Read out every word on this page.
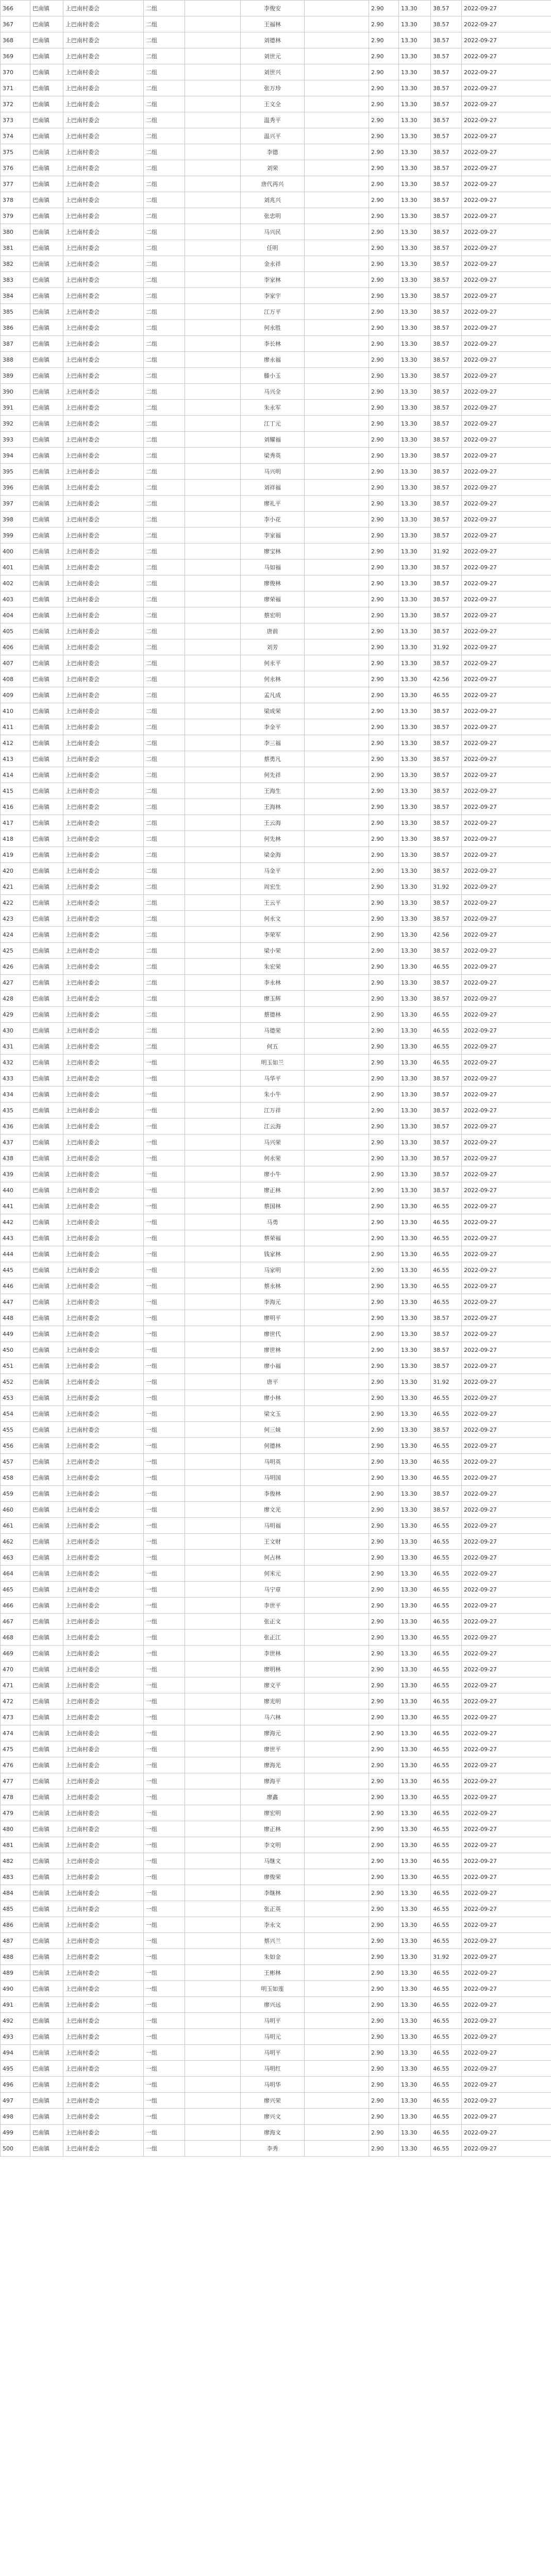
366	巴南镇	上巴南村委会	二组		李俊安		2.90	13.30	38.57	2022-09-27
367	巴南镇	上巴南村委会	二组		王福林		2.90	13.30	38.57	2022-09-27
368	巴南镇	上巴南村委会	二组		刘德林		2.90	13.30	38.57	2022-09-27
369	巴南镇	上巴南村委会	二组		刘世元		2.90	13.30	38.57	2022-09-27
370	巴南镇	上巴南村委会	二组		刘世兴		2.90	13.30	38.57	2022-09-27
371	巴南镇	上巴南村委会	二组		张万珍		2.90	13.30	38.57	2022-09-27
372	巴南镇	上巴南村委会	二组		王文全		2.90	13.30	38.57	2022-09-27
373	巴南镇	上巴南村委会	二组		温秀平		2.90	13.30	38.57	2022-09-27
374	巴南镇	上巴南村委会	二组		温兴平		2.90	13.30	38.57	2022-09-27
375	巴南镇	上巴南村委会	二组		李德		2.90	13.30	38.57	2022-09-27
376	巴南镇	上巴南村委会	二组		刘荣		2.90	13.30	38.57	2022-09-27
377	巴南镇	上巴南村委会	二组		唐代再兴		2.90	13.30	38.57	2022-09-27
378	巴南镇	上巴南村委会	二组		刘兆兴		2.90	13.30	38.57	2022-09-27
379	巴南镇	上巴南村委会	二组		张忠明		2.90	13.30	38.57	2022-09-27
380	巴南镇	上巴南村委会	二组		马兴民		2.90	13.30	38.57	2022-09-27
381	巴南镇	上巴南村委会	二组		任明		2.90	13.30	38.57	2022-09-27
382	巴南镇	上巴南村委会	二组		金永祥		2.90	13.30	38.57	2022-09-27
383	巴南镇	上巴南村委会	二组		李家林		2.90	13.30	38.57	2022-09-27
384	巴南镇	上巴南村委会	二组		李家宇		2.90	13.30	38.57	2022-09-27
385	巴南镇	上巴南村委会	二组		江万平		2.90	13.30	38.57	2022-09-27
386	巴南镇	上巴南村委会	二组		何永胜		2.90	13.30	38.57	2022-09-27
387	巴南镇	上巴南村委会	二组		李长林		2.90	13.30	38.57	2022-09-27
388	巴南镇	上巴南村委会	二组		廖永福		2.90	13.30	38.57	2022-09-27
389	巴南镇	上巴南村委会	二组		滕小玉		2.90	13.30	38.57	2022-09-27
390	巴南镇	上巴南村委会	二组		马兴全		2.90	13.30	38.57	2022-09-27
391	巴南镇	上巴南村委会	二组		朱永军		2.90	13.30	38.57	2022-09-27
392	巴南镇	上巴南村委会	二组		江丁元		2.90	13.30	38.57	2022-09-27
393	巴南镇	上巴南村委会	二组		刘耀福		2.90	13.30	38.57	2022-09-27
394	巴南镇	上巴南村委会	二组		梁秀英		2.90	13.30	38.57	2022-09-27
395	巴南镇	上巴南村委会	二组		马兴明		2.90	13.30	38.57	2022-09-27
396	巴南镇	上巴南村委会	二组		刘祥福		2.90	13.30	38.57	2022-09-27
397	巴南镇	上巴南村委会	二组		廖礼平		2.90	13.30	38.57	2022-09-27
398	巴南镇	上巴南村委会	二组		李小花		2.90	13.30	38.57	2022-09-27
399	巴南镇	上巴南村委会	二组		李家福		2.90	13.30	38.57	2022-09-27
400	巴南镇	上巴南村委会	二组		廖宝林		2.90	13.30	31.92	2022-09-27
401	巴南镇	上巴南村委会	二组		马如福		2.90	13.30	38.57	2022-09-27
402	巴南镇	上巴南村委会	二组		廖俊林		2.90	13.30	38.57	2022-09-27
403	巴南镇	上巴南村委会	二组		廖荣福		2.90	13.30	38.57	2022-09-27
404	巴南镇	上巴南村委会	二组		蔡宏明		2.90	13.30	38.57	2022-09-27
405	巴南镇	上巴南村委会	二组		唐前		2.90	13.30	38.57	2022-09-27
406	巴南镇	上巴南村委会	二组		刘芳		2.90	13.30	31.92	2022-09-27
407	巴南镇	上巴南村委会	二组		何永平		2.90	13.30	38.57	2022-09-27
408	巴南镇	上巴南村委会	二组		何永林		2.90	13.30	42.56	2022-09-27
409	巴南镇	上巴南村委会	二组		孟凡成		2.90	13.30	46.55	2022-09-27
410	巴南镇	上巴南村委会	二组		梁成荣		2.90	13.30	38.57	2022-09-27
411	巴南镇	上巴南村委会	二组		李金平		2.90	13.30	38.57	2022-09-27
412	巴南镇	上巴南村委会	二组		李三福		2.90	13.30	38.57	2022-09-27
413	巴南镇	上巴南村委会	二组		蔡勇凡		2.90	13.30	38.57	2022-09-27
414	巴南镇	上巴南村委会	二组		何先祥		2.90	13.30	38.57	2022-09-27
415	巴南镇	上巴南村委会	二组		王海生		2.90	13.30	38.57	2022-09-27
416	巴南镇	上巴南村委会	二组		王海林		2.90	13.30	38.57	2022-09-27
417	巴南镇	上巴南村委会	二组		王云海		2.90	13.30	38.57	2022-09-27
418	巴南镇	上巴南村委会	二组		何先林		2.90	13.30	38.57	2022-09-27
419	巴南镇	上巴南村委会	二组		梁金海		2.90	13.30	38.57	2022-09-27
420	巴南镇	上巴南村委会	二组		马金平		2.90	13.30	38.57	2022-09-27
421	巴南镇	上巴南村委会	二组		周宏生		2.90	13.30	31.92	2022-09-27
422	巴南镇	上巴南村委会	二组		王云平		2.90	13.30	38.57	2022-09-27
423	巴南镇	上巴南村委会	二组		何永文		2.90	13.30	38.57	2022-09-27
424	巴南镇	上巴南村委会	二组		李荣军		2.90	13.30	42.56	2022-09-27
425	巴南镇	上巴南村委会	二组		梁小荣		2.90	13.30	38.57	2022-09-27
426	巴南镇	上巴南村委会	二组		朱宏荣		2.90	13.30	46.55	2022-09-27
427	巴南镇	上巴南村委会	二组		李永林		2.90	13.30	38.57	2022-09-27
428	巴南镇	上巴南村委会	二组		廖玉辉		2.90	13.30	38.57	2022-09-27
429	巴南镇	上巴南村委会	二组		蔡德林		2.90	13.30	46.55	2022-09-27
430	巴南镇	上巴南村委会	二组		马德荣		2.90	13.30	46.55	2022-09-27
431	巴南镇	上巴南村委会	二组		何五		2.90	13.30	46.55	2022-09-27
432	巴南镇	上巴南村委会	一组		明玉如兰		2.90	13.30	46.55	2022-09-27
433	巴南镇	上巴南村委会	一组		马华平		2.90	13.30	38.57	2022-09-27
434	巴南镇	上巴南村委会	一组		朱小牛		2.90	13.30	38.57	2022-09-27
435	巴南镇	上巴南村委会	一组		江万祥		2.90	13.30	38.57	2022-09-27
436	巴南镇	上巴南村委会	一组		江云海		2.90	13.30	38.57	2022-09-27
437	巴南镇	上巴南村委会	一组		马兴荣		2.90	13.30	38.57	2022-09-27
438	巴南镇	上巴南村委会	一组		何永荣		2.90	13.30	38.57	2022-09-27
439	巴南镇	上巴南村委会	一组		廖小牛		2.90	13.30	38.57	2022-09-27
440	巴南镇	上巴南村委会	一组		廖正林		2.90	13.30	38.57	2022-09-27
441	巴南镇	上巴南村委会	一组		蔡国林		2.90	13.30	46.55	2022-09-27
442	巴南镇	上巴南村委会	一组		马勇		2.90	13.30	46.55	2022-09-27
443	巴南镇	上巴南村委会	一组		蔡荣福		2.90	13.30	46.55	2022-09-27
444	巴南镇	上巴南村委会	一组		钱家林		2.90	13.30	46.55	2022-09-27
445	巴南镇	上巴南村委会	一组		马家明		2.90	13.30	46.55	2022-09-27
446	巴南镇	上巴南村委会	一组		蔡永林		2.90	13.30	46.55	2022-09-27
447	巴南镇	上巴南村委会	一组		李海元		2.90	13.30	46.55	2022-09-27
448	巴南镇	上巴南村委会	一组		廖明平		2.90	13.30	38.57	2022-09-27
449	巴南镇	上巴南村委会	一组		廖世代		2.90	13.30	38.57	2022-09-27
450	巴南镇	上巴南村委会	一组		廖世林		2.90	13.30	38.57	2022-09-27
451	巴南镇	上巴南村委会	一组		廖小福		2.90	13.30	38.57	2022-09-27
452	巴南镇	上巴南村委会	一组		唐平		2.90	13.30	31.92	2022-09-27
453	巴南镇	上巴南村委会	一组		廖小林		2.90	13.30	46.55	2022-09-27
454	巴南镇	上巴南村委会	一组		梁文玉		2.90	13.30	46.55	2022-09-27
455	巴南镇	上巴南村委会	一组		何三妹		2.90	13.30	38.57	2022-09-27
456	巴南镇	上巴南村委会	一组		何德林		2.90	13.30	46.55	2022-09-27
457	巴南镇	上巴南村委会	一组		马明英		2.90	13.30	46.55	2022-09-27
458	巴南镇	上巴南村委会	一组		马明国		2.90	13.30	46.55	2022-09-27
459	巴南镇	上巴南村委会	一组		李俊林		2.90	13.30	38.57	2022-09-27
460	巴南镇	上巴南村委会	一组		廖文光		2.90	13.30	38.57	2022-09-27
461	巴南镇	上巴南村委会	一组		马明福		2.90	13.30	46.55	2022-09-27
462	巴南镇	上巴南村委会	一组		王文财		2.90	13.30	46.55	2022-09-27
463	巴南镇	上巴南村委会	一组		何占林		2.90	13.30	46.55	2022-09-27
464	巴南镇	上巴南村委会	一组		何米元		2.90	13.30	46.55	2022-09-27
465	巴南镇	上巴南村委会	一组		马宁章		2.90	13.30	46.55	2022-09-27
466	巴南镇	上巴南村委会	一组		李世平		2.90	13.30	46.55	2022-09-27
467	巴南镇	上巴南村委会	一组		张正文		2.90	13.30	46.55	2022-09-27
468	巴南镇	上巴南村委会	一组		张正江		2.90	13.30	46.55	2022-09-27
469	巴南镇	上巴南村委会	一组		李世林		2.90	13.30	46.55	2022-09-27
470	巴南镇	上巴南村委会	一组		廖明林		2.90	13.30	46.55	2022-09-27
471	巴南镇	上巴南村委会	一组		廖文平		2.90	13.30	46.55	2022-09-27
472	巴南镇	上巴南村委会	一组		廖光明		2.90	13.30	46.55	2022-09-27
473	巴南镇	上巴南村委会	一组		马六林		2.90	13.30	46.55	2022-09-27
474	巴南镇	上巴南村委会	一组		廖海元		2.90	13.30	46.55	2022-09-27
475	巴南镇	上巴南村委会	一组		廖世平		2.90	13.30	46.55	2022-09-27
476	巴南镇	上巴南村委会	一组		廖海光		2.90	13.30	46.55	2022-09-27
477	巴南镇	上巴南村委会	一组		廖海平		2.90	13.30	46.55	2022-09-27
478	巴南镇	上巴南村委会	一组		廖鑫		2.90	13.30	46.55	2022-09-27
479	巴南镇	上巴南村委会	一组		廖宏明		2.90	13.30	46.55	2022-09-27
480	巴南镇	上巴南村委会	一组		廖正林		2.90	13.30	46.55	2022-09-27
481	巴南镇	上巴南村委会	一组		李文明		2.90	13.30	46.55	2022-09-27
482	巴南镇	上巴南村委会	一组		马继文		2.90	13.30	46.55	2022-09-27
483	巴南镇	上巴南村委会	一组		廖俊荣		2.90	13.30	46.55	2022-09-27
484	巴南镇	上巴南村委会	一组		李继林		2.90	13.30	46.55	2022-09-27
485	巴南镇	上巴南村委会	一组		张正英		2.90	13.30	46.55	2022-09-27
486	巴南镇	上巴南村委会	一组		李永文		2.90	13.30	46.55	2022-09-27
487	巴南镇	上巴南村委会	一组		蔡兴兰		2.90	13.30	46.55	2022-09-27
488	巴南镇	上巴南村委会	一组		朱如金		2.90	13.30	31.92	2022-09-27
489	巴南镇	上巴南村委会	一组		王彬林		2.90	13.30	46.55	2022-09-27
490	巴南镇	上巴南村委会	一组		明玉如莲		2.90	13.30	46.55	2022-09-27
491	巴南镇	上巴南村委会	一组		廖兴远		2.90	13.30	46.55	2022-09-27
492	巴南镇	上巴南村委会	一组		马明平		2.90	13.30	46.55	2022-09-27
493	巴南镇	上巴南村委会	一组		马明元		2.90	13.30	46.55	2022-09-27
494	巴南镇	上巴南村委会	一组		马明平		2.90	13.30	46.55	2022-09-27
495	巴南镇	上巴南村委会	一组		马明红		2.90	13.30	46.55	2022-09-27
496	巴南镇	上巴南村委会	一组		马明华		2.90	13.30	46.55	2022-09-27
497	巴南镇	上巴南村委会	一组		廖兴荣		2.90	13.30	46.55	2022-09-27
498	巴南镇	上巴南村委会	一组		廖兴文		2.90	13.30	46.55	2022-09-27
499	巴南镇	上巴南村委会	一组		廖海文		2.90	13.30	46.55	2022-09-27
500	巴南镇	上巴南村委会	一组		李秀		2.90	13.30	46.55	2022-09-27
